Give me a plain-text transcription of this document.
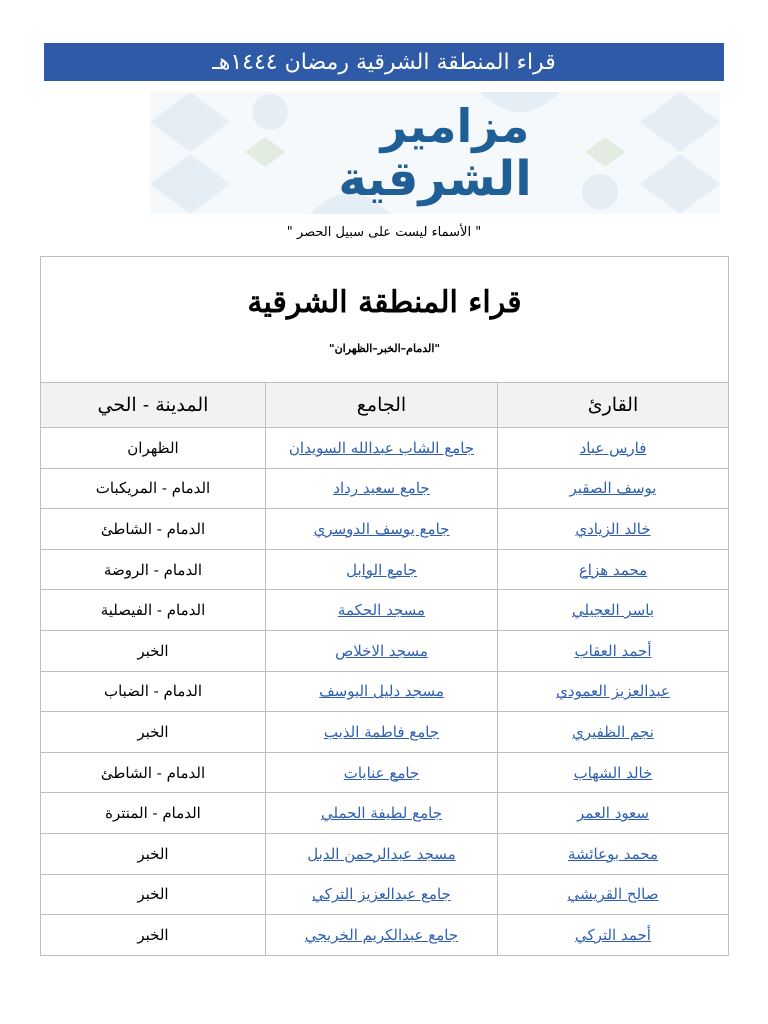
قراء المنطقة الشرقية رمضان ١٤٤٤هـ
مزامير
الشرقية
" الأسماء ليست على سبيل الحصر "
قراء المنطقة الشرقية
"الدمام–الخبر–الظهران"		

القارئ	الجامع	المدينة - الحي
فارس عباد	جامع الشاب عبدالله السويدان	الظهران
يوسف الصقير	جامع سعيد رداد	الدمام - المريكبات
خالد الزيادي	جامع يوسف الدوسري	الدمام - الشاطئ
محمد هزاع	جامع الوابل	الدمام - الروضة
ياسر العجيلي	مسجد الحكمة	الدمام - الفيصلية
أحمد العقاب	مسجد الاخلاص	الخبر
عبدالعزيز العمودي	مسجد دليل اليوسف	الدمام - الضباب
نجم الظفيري	جامع فاطمة الذيب	الخبر
خالد الشهاب	جامع عنايات	الدمام - الشاطئ
سعود العمر	جامع لطيفة الحملي	الدمام - المنترة
محمد بوعائشة	مسجد عبدالرحمن الدبل	الخبر
صالح القريشي	جامع عبدالعزيز التركي	الخبر
أحمد التركي	جامع عبدالكريم الخريجي	الخبر
